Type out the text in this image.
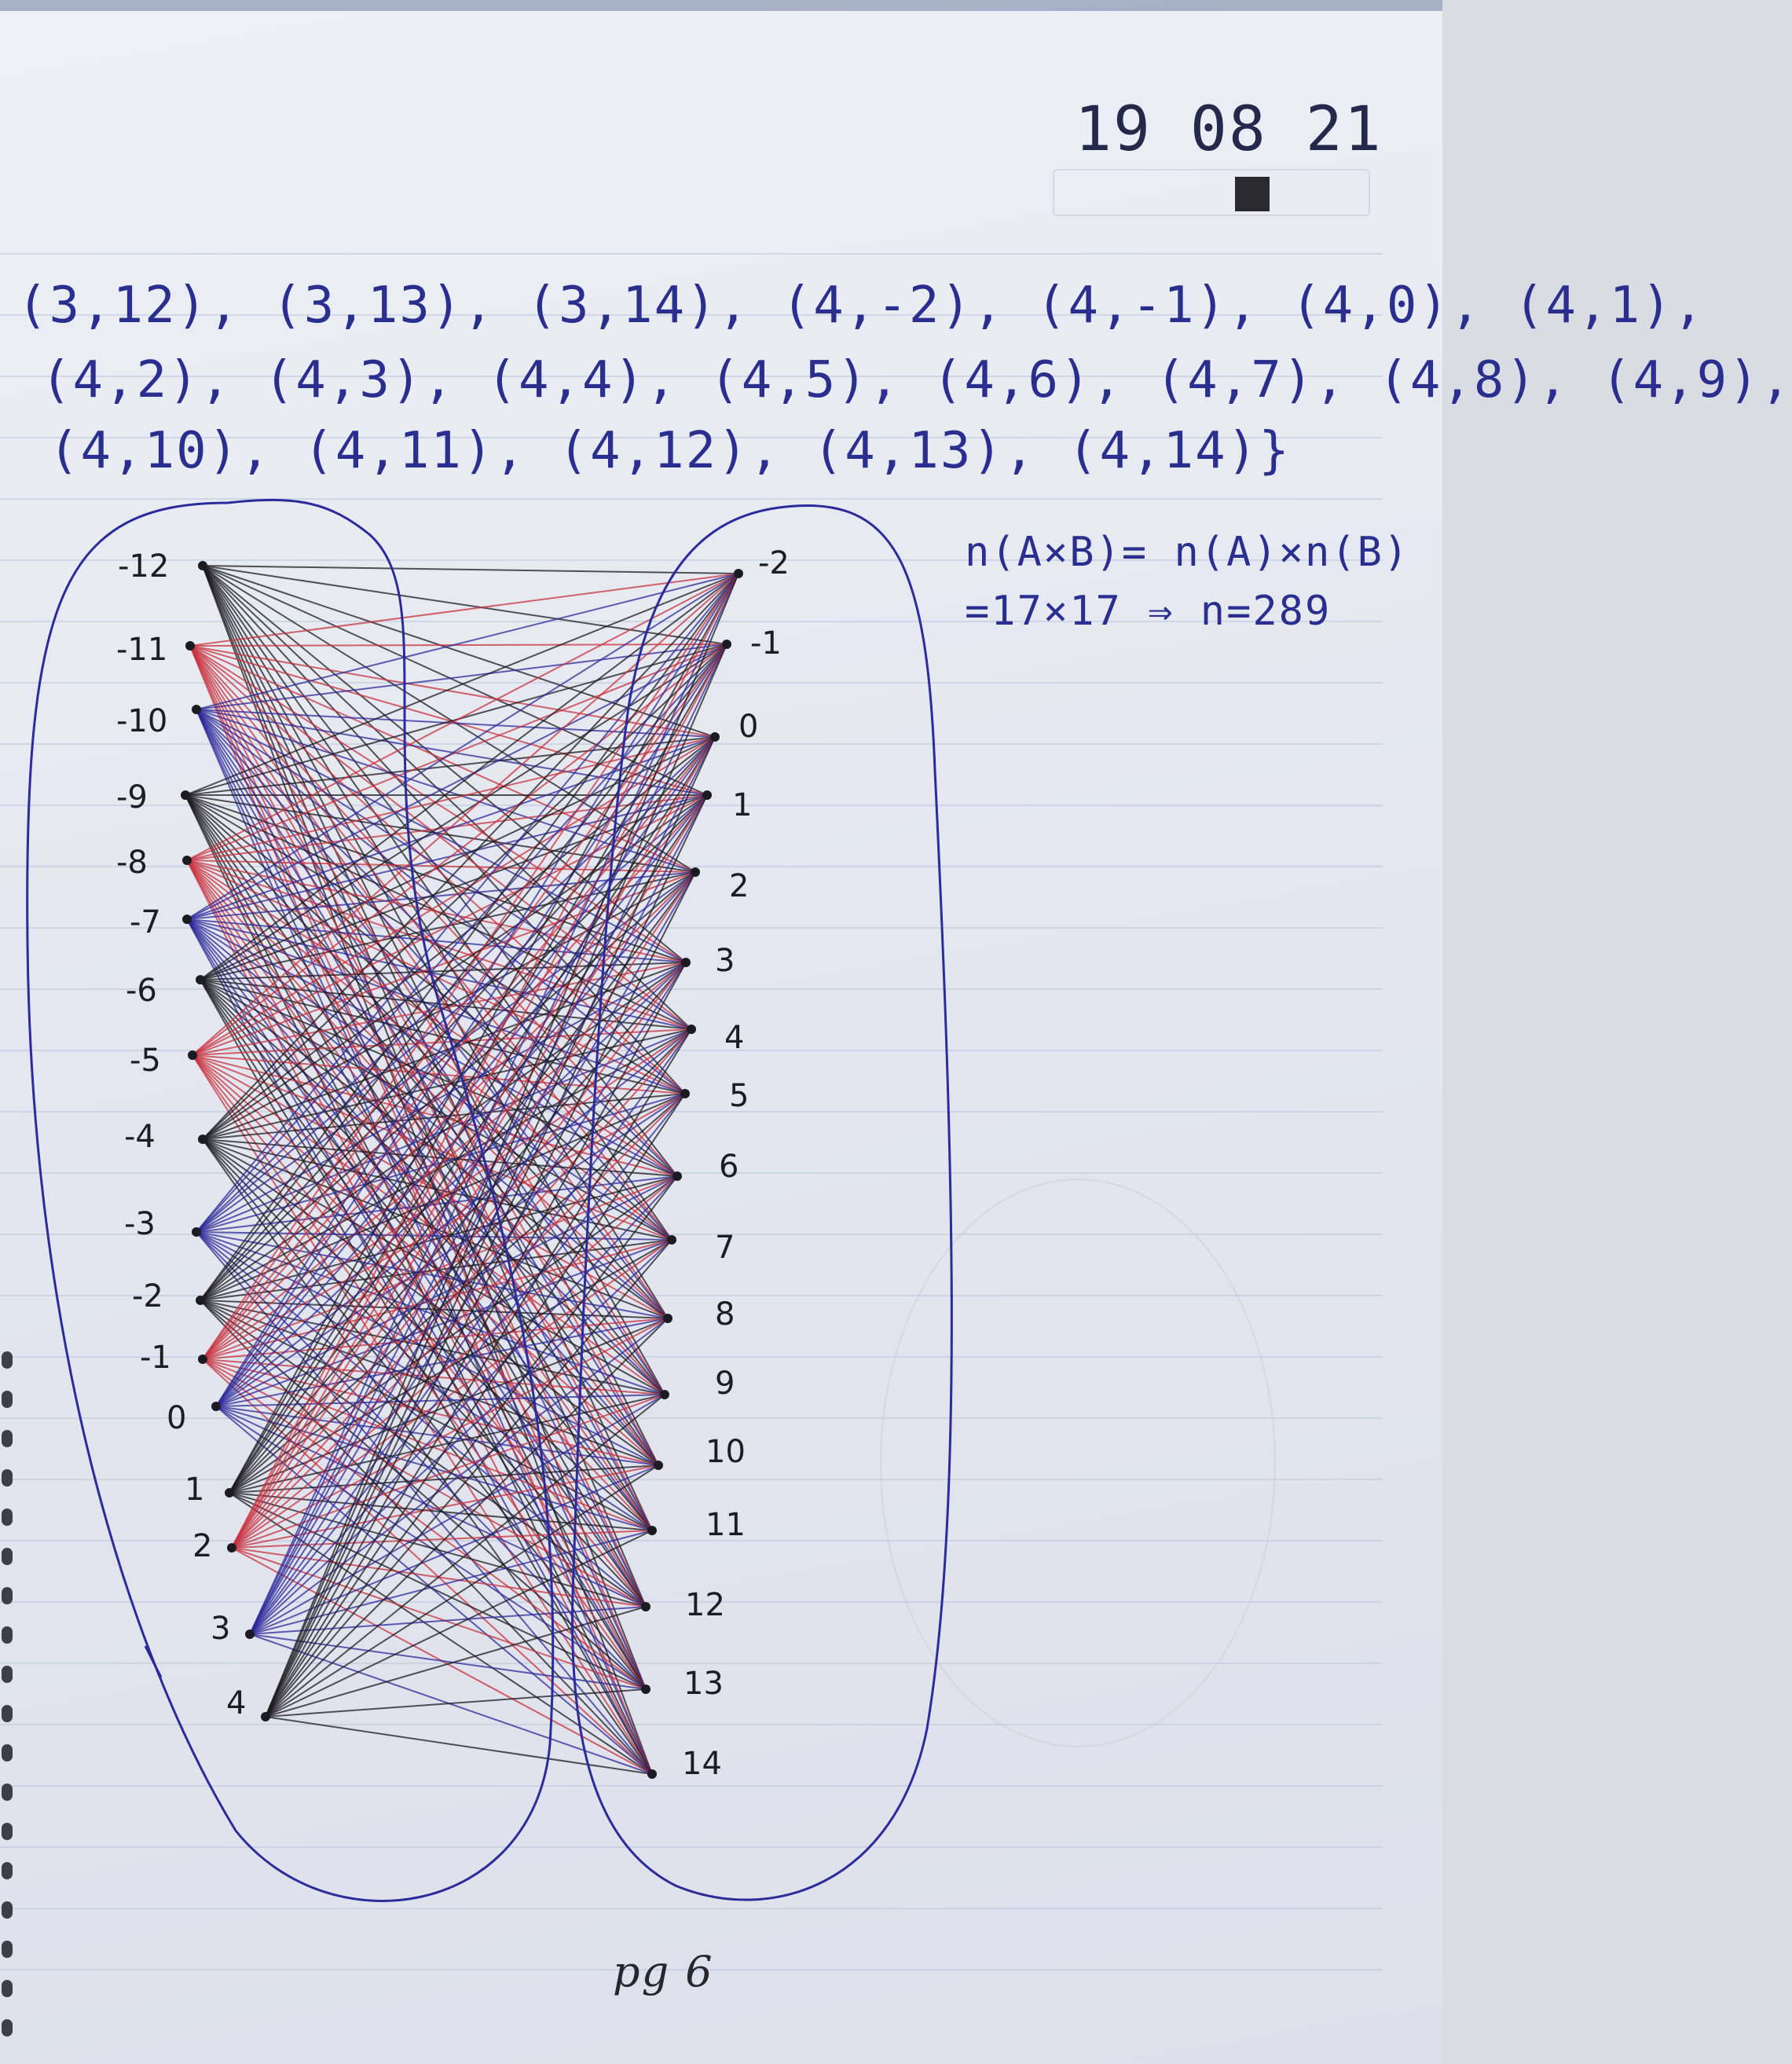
19 08 21
(3,12), (3,13), (3,14), (4,-2), (4,-1), (4,0), (4,1),
(4,2), (4,3), (4,4), (4,5), (4,6), (4,7), (4,8), (4,9),
(4,10), (4,11), (4,12), (4,13), (4,14)}
n(A×B)= n(A)×n(B)
=17×17 ⇒ n=289
-12
-11
-10
-9
-8
-7
-6
-5
-4
-3
-2
-1
0
1
2
3
4
-2
-1
0
1
2
3
4
5
6
7
8
9
10
11
12
13
14
pg 6
